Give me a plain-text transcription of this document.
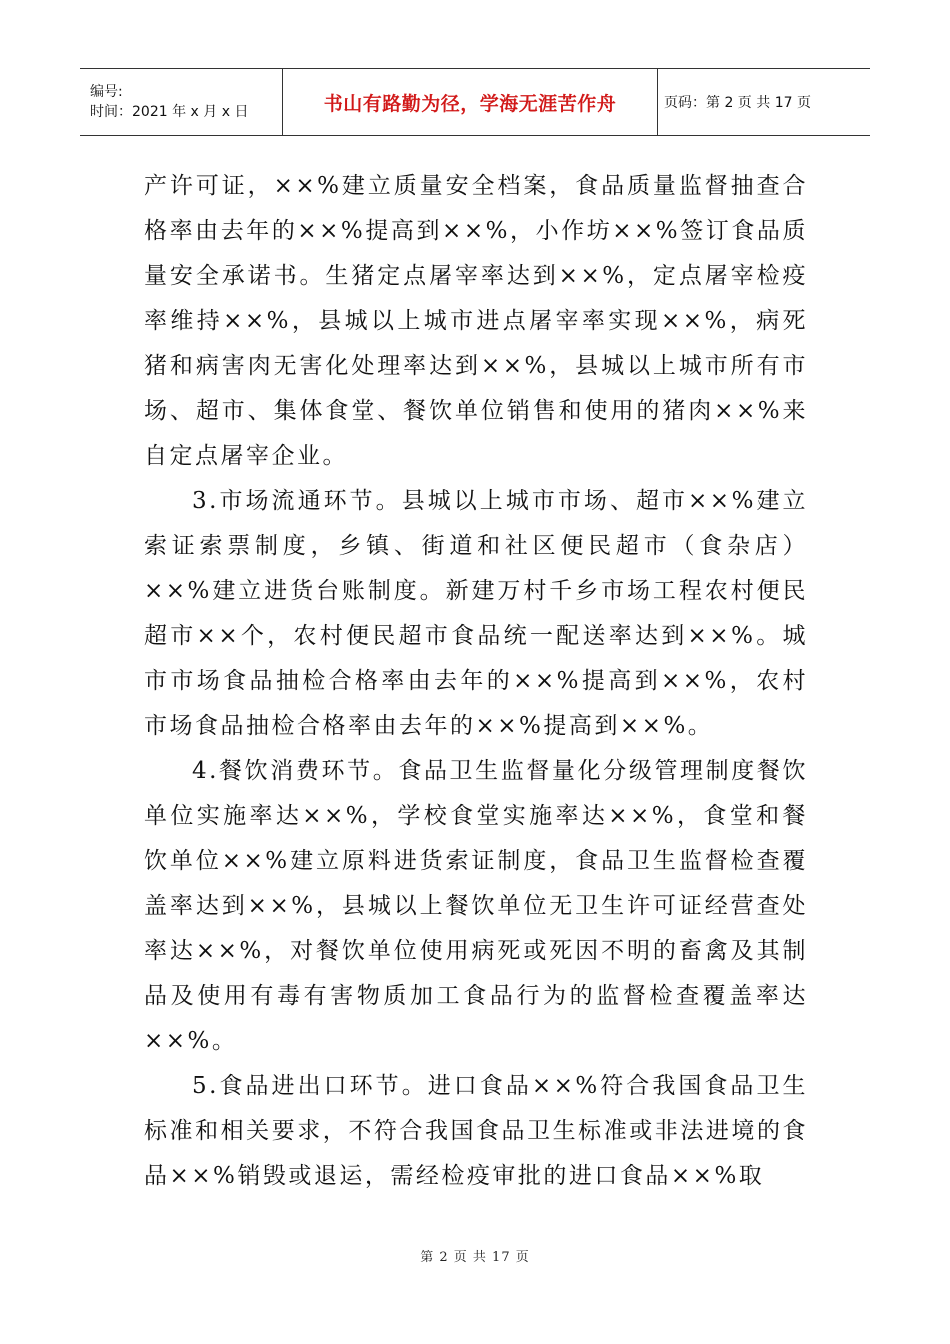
编号:
时间：2021 年 x 月 x 日	书山有路勤为径，学海无涯苦作舟	页码：第 2 页 共 17 页

产许可证，××%建立质量安全档案，食品质量监督抽查合格率由去年的××%提高到××%，小作坊××%签订食品质量安全承诺书。生猪定点屠宰率达到××%，定点屠宰检疫率维持××%，县城以上城市进点屠宰率实现××%，病死猪和病害肉无害化处理率达到××%，县城以上城市所有市场、超市、集体食堂、餐饮单位销售和使用的猪肉××%来自定点屠宰企业。

3.市场流通环节。县城以上城市市场、超市××%建立索证索票制度，乡镇、街道和社区便民超市（食杂店）××%建立进货台账制度。新建万村千乡市场工程农村便民超市××个，农村便民超市食品统一配送率达到××%。城市市场食品抽检合格率由去年的××%提高到××%，农村市场食品抽检合格率由去年的××%提高到××%。

4.餐饮消费环节。食品卫生监督量化分级管理制度餐饮单位实施率达××%，学校食堂实施率达××%，食堂和餐饮单位××%建立原料进货索证制度，食品卫生监督检查覆盖率达到××%，县城以上餐饮单位无卫生许可证经营查处率达××%，对餐饮单位使用病死或死因不明的畜禽及其制品及使用有毒有害物质加工食品行为的监督检查覆盖率达××%。

5.食品进出口环节。进口食品××%符合我国食品卫生标准和相关要求，不符合我国食品卫生标准或非法进境的食品××%销毁或退运，需经检疫审批的进口食品××%取

第 2 页 共 17 页
